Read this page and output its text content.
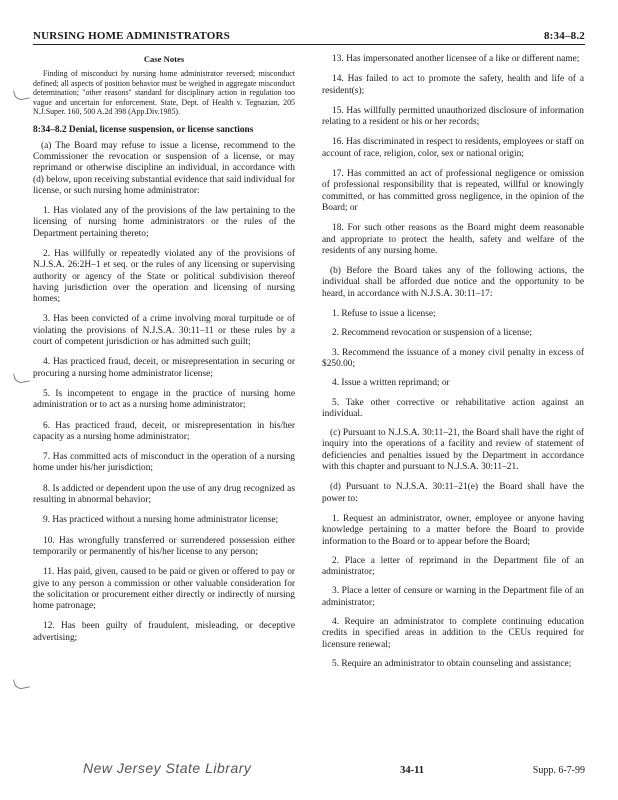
NURSING HOME ADMINISTRATORS	8:34–8.2
Case Notes

Finding of misconduct by nursing home administrator reversed; misconduct defined; all aspects of position behavior must be weighed in aggregate misconduct determination; "other reasons" standard for disciplinary action in regulation too vague and uncertain for enforcement. State, Dept. of Health v. Tegnazian, 205 N.J.Super. 160, 500 A.2d 398 (App.Div.1985).

8:34–8.2 Denial, license suspension, or license sanctions

(a) The Board may refuse to issue a license, recommend to the Commissioner the revocation or suspension of a license, or may reprimand or otherwise discipline an individual, in accordance with (d) below, upon receiving substantial evidence that said individual for license, or such nursing home administrator:

1. Has violated any of the provisions of the law pertaining to the licensing of nursing home administrators or the rules of the Department pertaining thereto;

2. Has willfully or repeatedly violated any of the provisions of N.J.S.A. 26:2H–1 et seq. or the rules of any licensing or supervising authority or agency of the State or political subdivision thereof having jurisdiction over the operation and licensing of nursing homes;

3. Has been convicted of a crime involving moral turpitude or of violating the provisions of N.J.S.A. 30:11–11 or these rules by a court of competent jurisdiction or has admitted such guilt;

4. Has practiced fraud, deceit, or misrepresentation in securing or procuring a nursing home administrator license;

5. Is incompetent to engage in the practice of nursing home administration or to act as a nursing home administrator;

6. Has practiced fraud, deceit, or misrepresentation in his/her capacity as a nursing home administrator;

7. Has committed acts of misconduct in the operation of a nursing home under his/her jurisdiction;

8. Is addicted or dependent upon the use of any drug recognized as resulting in abnormal behavior;

9. Has practiced without a nursing home administrator license;

10. Has wrongfully transferred or surrendered possession either temporarily or permanently of his/her license to any person;

11. Has paid, given, caused to be paid or given or offered to pay or give to any person a commission or other valuable consideration for the solicitation or procurement either directly or indirectly of nursing home patronage;

12. Has been guilty of fraudulent, misleading, or deceptive advertising;

13. Has impersonated another licensee of a like or different name;

14. Has failed to act to promote the safety, health and life of a resident(s);

15. Has willfully permitted unauthorized disclosure of information relating to a resident or his or her records;

16. Has discriminated in respect to residents, employees or staff on account of race, religion, color, sex or national origin;

17. Has committed an act of professional negligence or omission of professional responsibility that is repeated, willful or knowingly committed, or has committed gross negligence, in the opinion of the Board; or

18. For such other reasons as the Board might deem reasonable and appropriate to protect the health, safety and welfare of the residents of any nursing home.

(b) Before the Board takes any of the following actions, the individual shall be afforded due notice and the opportunity to be heard, in accordance with N.J.S.A. 30:11–17:

1. Refuse to issue a license;

2. Recommend revocation or suspension of a license;

3. Recommend the issuance of a money civil penalty in excess of $250.00;

4. Issue a written reprimand; or

5. Take other corrective or rehabilitative action against an individual.

(c) Pursuant to N.J.S.A. 30:11–21, the Board shall have the right of inquiry into the operations of a facility and review of statement of deficiencies and penalties issued by the Department in accordance with this chapter and pursuant to N.J.S.A. 30:11–21.

(d) Pursuant to N.J.S.A. 30:11–21(e) the Board shall have the power to:

1. Request an administrator, owner, employee or anyone having knowledge pertaining to a matter before the Board to provide information to the Board or to appear before the Board;

2. Place a letter of reprimand in the Department file of an administrator;

3. Place a letter of censure or warning in the Department file of an administrator;

4. Require an administrator to complete continuing education credits in specified areas in addition to the CEUs required for licensure renewal;

5. Require an administrator to obtain counseling and assistance;

New Jersey State Library	34-11	Supp. 6-7-99
